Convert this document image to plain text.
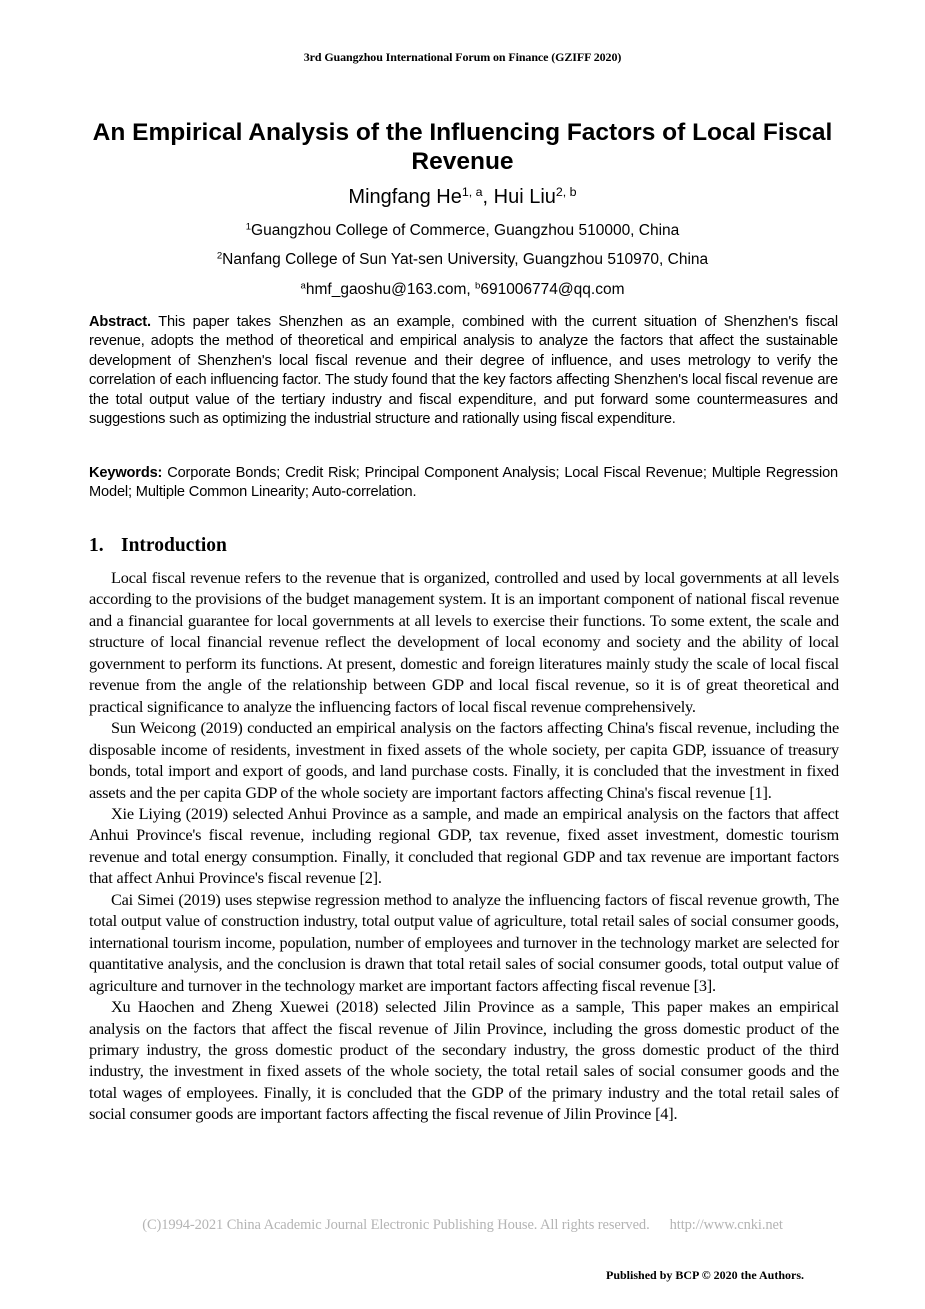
3rd Guangzhou International Forum on Finance (GZIFF 2020)
An Empirical Analysis of the Influencing Factors of Local Fiscal Revenue
Mingfang He$^{1, a}$, Hui Liu$^{2, b}$
$^1$Guangzhou College of Commerce, Guangzhou 510000, China
$^2$Nanfang College of Sun Yat-sen University, Guangzhou 510970, China
$^a$hmf_gaoshu@163.com, $^b$691006774@qq.com
Abstract. This paper takes Shenzhen as an example, combined with the current situation of Shenzhen's fiscal revenue, adopts the method of theoretical and empirical analysis to analyze the factors that affect the sustainable development of Shenzhen's local fiscal revenue and their degree of influence, and uses metrology to verify the correlation of each influencing factor. The study found that the key factors affecting Shenzhen's local fiscal revenue are the total output value of the tertiary industry and fiscal expenditure, and put forward some countermeasures and suggestions such as optimizing the industrial structure and rationally using fiscal expenditure.
Keywords: Corporate Bonds; Credit Risk; Principal Component Analysis; Local Fiscal Revenue; Multiple Regression Model; Multiple Common Linearity; Auto-correlation.
1. Introduction

Local fiscal revenue refers to the revenue that is organized, controlled and used by local governments at all levels according to the provisions of the budget management system. It is an important component of national fiscal revenue and a financial guarantee for local governments at all levels to exercise their functions. To some extent, the scale and structure of local financial revenue reflect the development of local economy and society and the ability of local government to perform its functions. At present, domestic and foreign literatures mainly study the scale of local fiscal revenue from the angle of the relationship between GDP and local fiscal revenue, so it is of great theoretical and practical significance to analyze the influencing factors of local fiscal revenue comprehensively.

Sun Weicong (2019) conducted an empirical analysis on the factors affecting China's fiscal revenue, including the disposable income of residents, investment in fixed assets of the whole society, per capita GDP, issuance of treasury bonds, total import and export of goods, and land purchase costs. Finally, it is concluded that the investment in fixed assets and the per capita GDP of the whole society are important factors affecting China's fiscal revenue [1].

Xie Liying (2019) selected Anhui Province as a sample, and made an empirical analysis on the factors that affect Anhui Province's fiscal revenue, including regional GDP, tax revenue, fixed asset investment, domestic tourism revenue and total energy consumption. Finally, it concluded that regional GDP and tax revenue are important factors that affect Anhui Province's fiscal revenue [2].

Cai Simei (2019) uses stepwise regression method to analyze the influencing factors of fiscal revenue growth, The total output value of construction industry, total output value of agriculture, total retail sales of social consumer goods, international tourism income, population, number of employees and turnover in the technology market are selected for quantitative analysis, and the conclusion is drawn that total retail sales of social consumer goods, total output value of agriculture and turnover in the technology market are important factors affecting fiscal revenue [3].

Xu Haochen and Zheng Xuewei (2018) selected Jilin Province as a sample, This paper makes an empirical analysis on the factors that affect the fiscal revenue of Jilin Province, including the gross domestic product of the primary industry, the gross domestic product of the secondary industry, the gross domestic product of the third industry, the investment in fixed assets of the whole society, the total retail sales of social consumer goods and the total wages of employees. Finally, it is concluded that the GDP of the primary industry and the total retail sales of social consumer goods are important factors affecting the fiscal revenue of Jilin Province [4].

(C)1994-2021 China Academic Journal Electronic Publishing House. All rights reserved. http://www.cnki.net
Published by BCP © 2020 the Authors.
